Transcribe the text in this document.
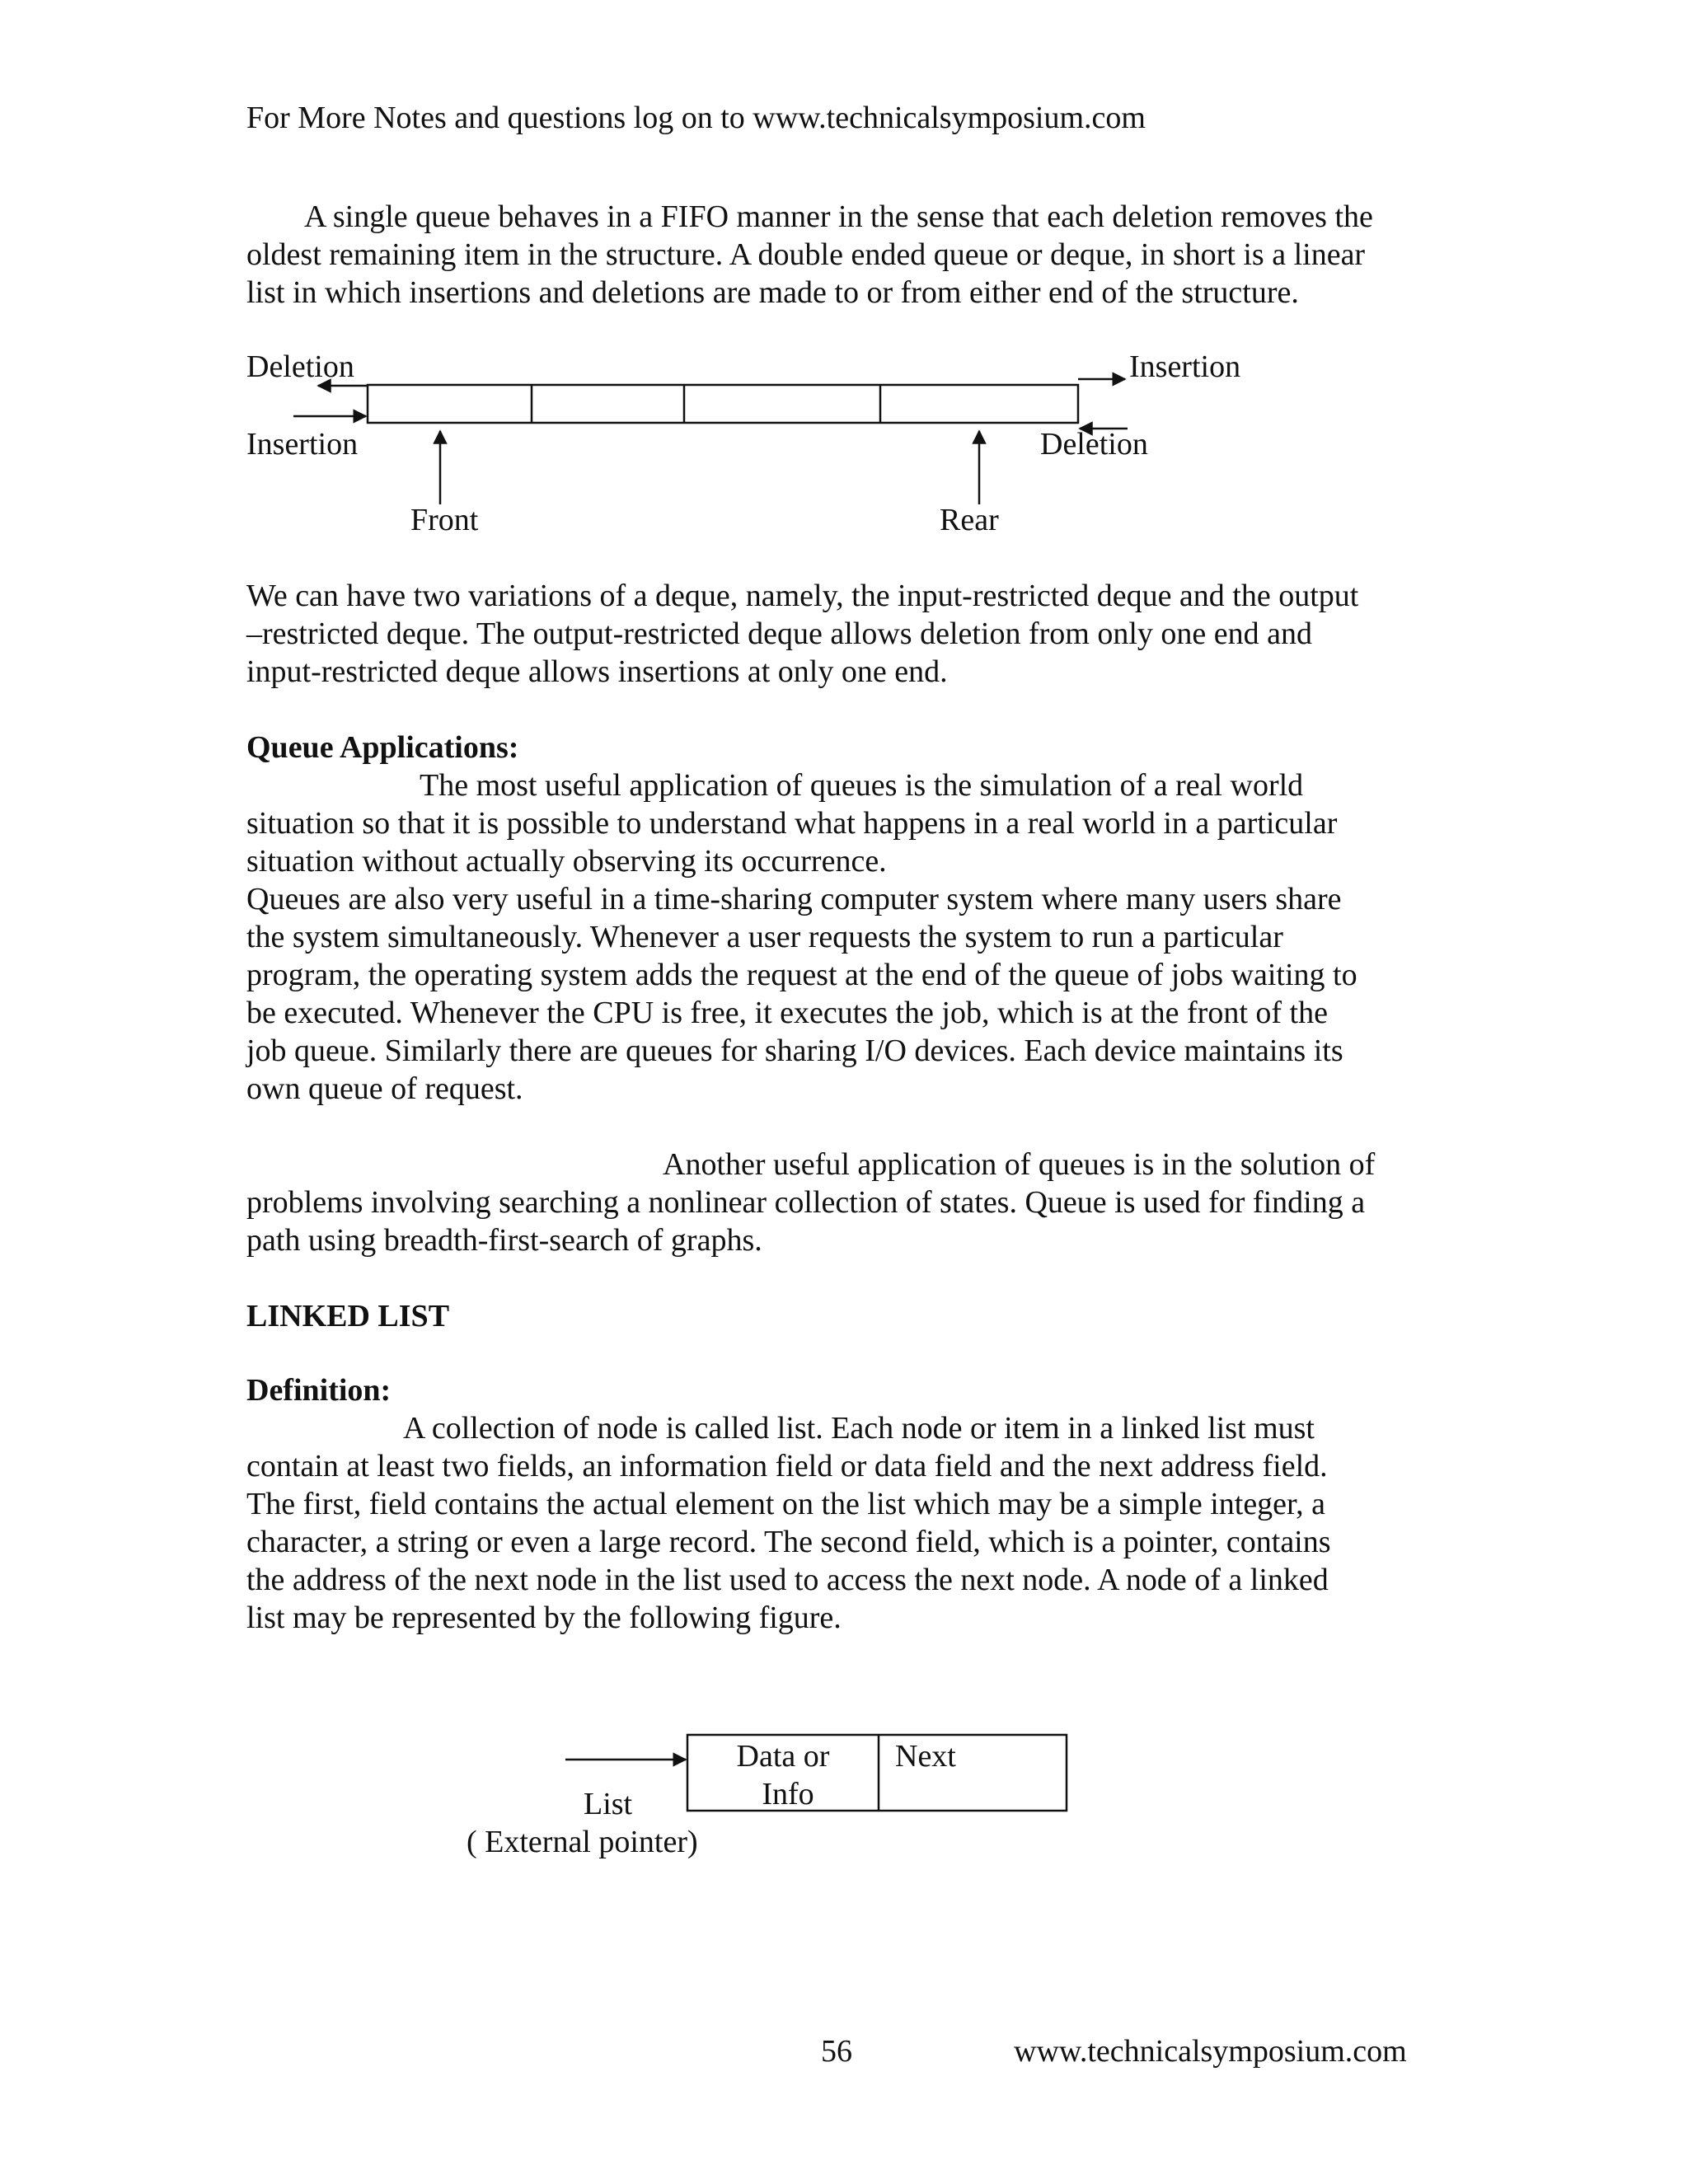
For More Notes and questions log on to www.technicalsymposium.com
A single queue behaves in a FIFO manner in the sense that each deletion removes the
oldest remaining item in the structure. A double ended queue or deque, in short is a linear
list in which insertions and deletions are made to or from either end of the structure.
Deletion
Insertion
Insertion
Deletion
Front	Rear
We can have two variations of a deque, namely, the input-restricted deque and the output
–restricted deque. The output-restricted deque allows deletion from only one end and
input-restricted deque allows insertions at only one end.
Queue Applications:
The most useful application of queues is the simulation of a real world
situation so that it is possible to understand what happens in a real world in a particular
situation without actually observing its occurrence.
Queues are also very useful in a time-sharing computer system where many users share
the system simultaneously. Whenever a user requests the system to run a particular
program, the operating system adds the request at the end of the queue of jobs waiting to
be executed. Whenever the CPU is free, it executes the job, which is at the front of the
job queue. Similarly there are queues for sharing I/O devices. Each device maintains its
own queue of request.
Another useful application of queues is in the solution of
problems involving searching a nonlinear collection of states. Queue is used for finding a
path using breadth-first-search of graphs.
LINKED LIST
Definition:
A collection of node is called list. Each node or item in a linked list must
contain at least two fields, an information field or data field and the next address field.
The first, field contains the actual element on the list which may be a simple integer, a
character, a string or even a large record. The second field, which is a pointer, contains
the address of the next node in the list used to access the next node. A node of a linked
list may be represented by the following figure.
Data or
Info
Next
List
( External pointer)
56	www.technicalsymposium.com
